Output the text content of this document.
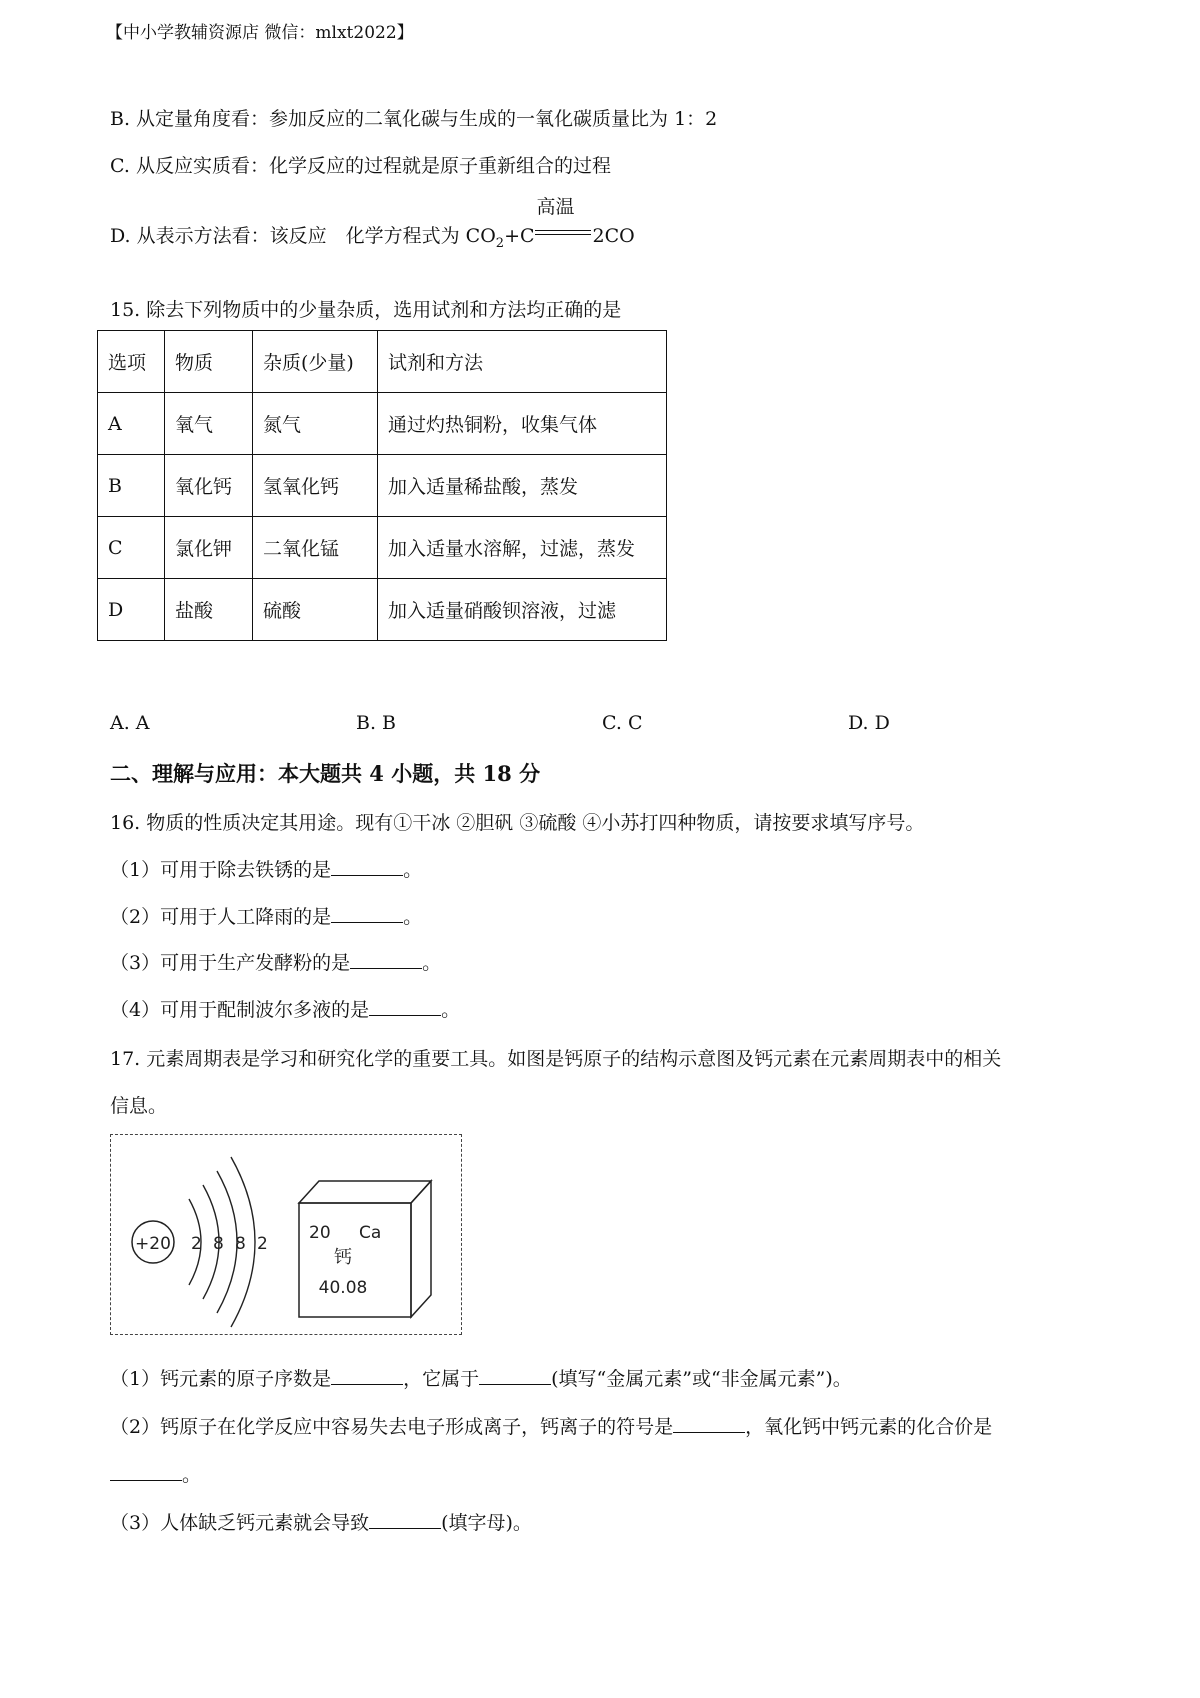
【中小学教辅资源店 微信：mlxt2022】
B. 从定量角度看：参加反应的二氧化碳与生成的一氧化碳质量比为 1：2
C. 从反应实质看：化学反应的过程就是原子重新组合的过程
D. 从表示方法看：该反应　化学方程式为 $CO_2+C$
高温
2CO
15. 除去下列物质中的少量杂质，选用试剂和方法均正确的是
选项	物质	杂质(少量)	试剂和方法
A	氧气	氮气	通过灼热铜粉，收集气体
B	氧化钙	氢氧化钙	加入适量稀盐酸，蒸发
C	氯化钾	二氧化锰	加入适量水溶解，过滤，蒸发
D	盐酸	硫酸	加入适量硝酸钡溶液，过滤
A. A	B. B	C. C	D. D
二、理解与应用：本大题共 4 小题，共 18 分
16. 物质的性质决定其用途。现有①干冰 ②胆矾 ③硫酸 ④小苏打四种物质，请按要求填写序号。
（1）可用于除去铁锈的是	。
（2）可用于人工降雨的是	。
（3）可用于生产发酵粉的是	。
（4）可用于配制波尔多液的是	。
17. 元素周期表是学习和研究化学的重要工具。如图是钙原子的结构示意图及钙元素在元素周期表中的相关
信息。
+20 2 8 8 2
20 Ca
钙
40.08
（1）钙元素的原子序数是	，它属于	(填写“金属元素”或“非金属元素”)。
（2）钙原子在化学反应中容易失去电子形成离子，钙离子的符号是	，氧化钙中钙元素的化合价是
。
（3）人体缺乏钙元素就会导致	(填字母)。
